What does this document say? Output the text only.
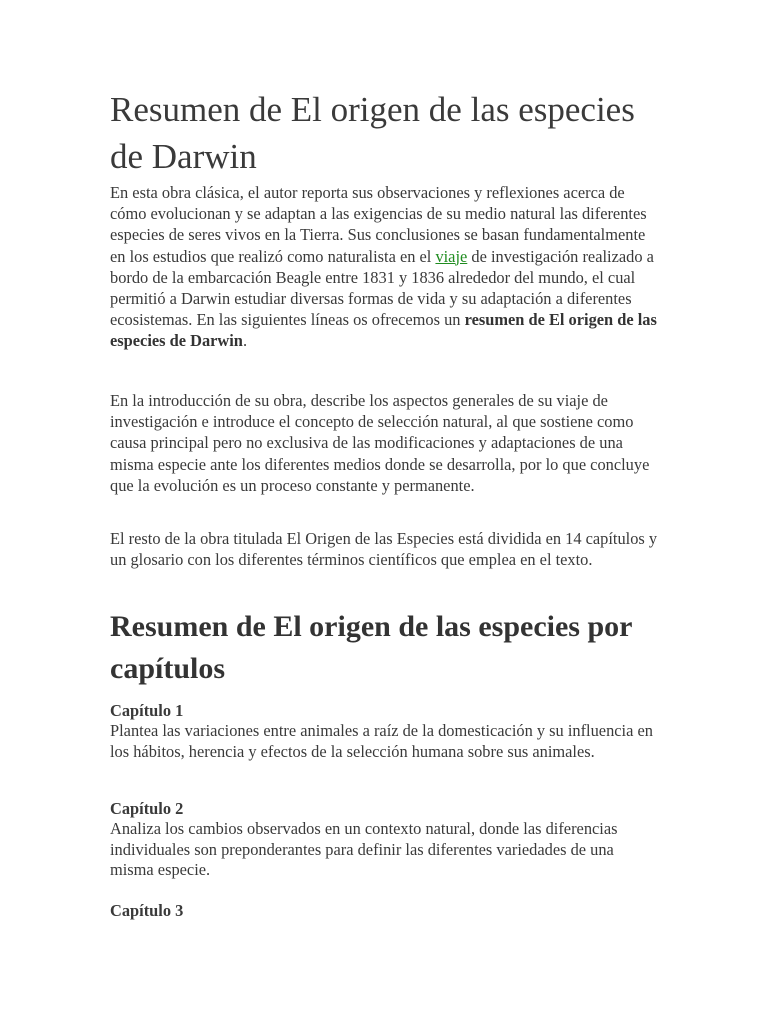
Resumen de El origen de las especies de Darwin

En esta obra clásica, el autor reporta sus observaciones y reflexiones acerca de cómo evolucionan y se adaptan a las exigencias de su medio natural las diferentes especies de seres vivos en la Tierra. Sus conclusiones se basan fundamentalmente en los estudios que realizó como naturalista en el viaje de investigación realizado a bordo de la embarcación Beagle entre 1831 y 1836 alrededor del mundo, el cual permitió a Darwin estudiar diversas formas de vida y su adaptación a diferentes ecosistemas. En las siguientes líneas os ofrecemos un resumen de El origen de las especies de Darwin.

En la introducción de su obra, describe los aspectos generales de su viaje de investigación e introduce el concepto de selección natural, al que sostiene como causa principal pero no exclusiva de las modificaciones y adaptaciones de una misma especie ante los diferentes medios donde se desarrolla, por lo que concluye que la evolución es un proceso constante y permanente.

El resto de la obra titulada El Origen de las Especies está dividida en 14 capítulos y un glosario con los diferentes términos científicos que emplea en el texto.

Resumen de El origen de las especies por capítulos
Capítulo 1
Plantea las variaciones entre animales a raíz de la domesticación y su influencia en los hábitos, herencia y efectos de la selección humana sobre sus animales.
Capítulo 2
Analiza los cambios observados en un contexto natural, donde las diferencias individuales son preponderantes para definir las diferentes variedades de una misma especie.
Capítulo 3
